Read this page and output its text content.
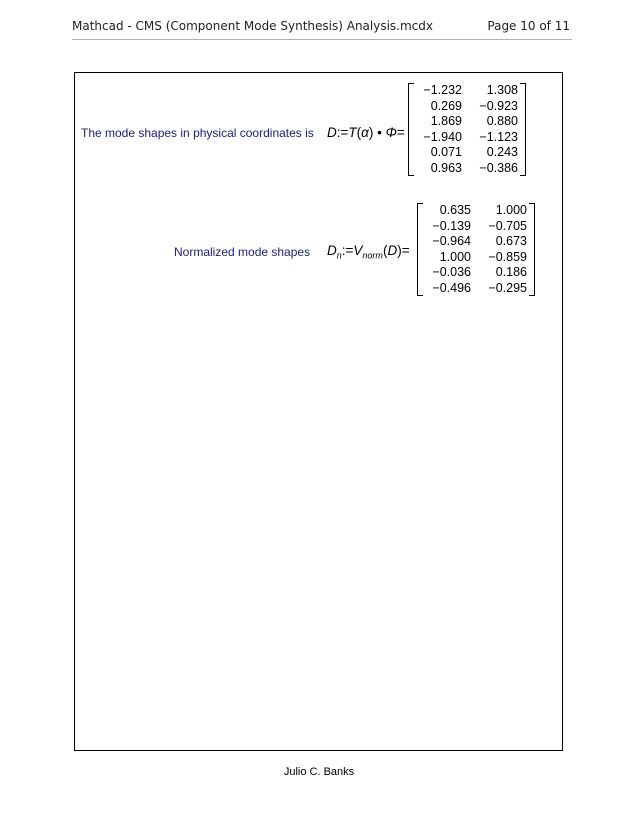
Mathcad - CMS (Component Mode Synthesis) Analysis.mcdx	Page 10 of 11
The mode shapes in physical coordinates is D:=T(α) • Φ=
−1.232	1.308
0.269	−0.923
1.869	0.880
−1.940	−1.123
0.071	0.243
0.963	−0.386
Normalized mode shapes $D_n:=V_{norm}(D)=$
0.635	1.000
−0.139	−0.705
−0.964	0.673
1.000	−0.859
−0.036	0.186
−0.496	−0.295
Julio C. Banks
